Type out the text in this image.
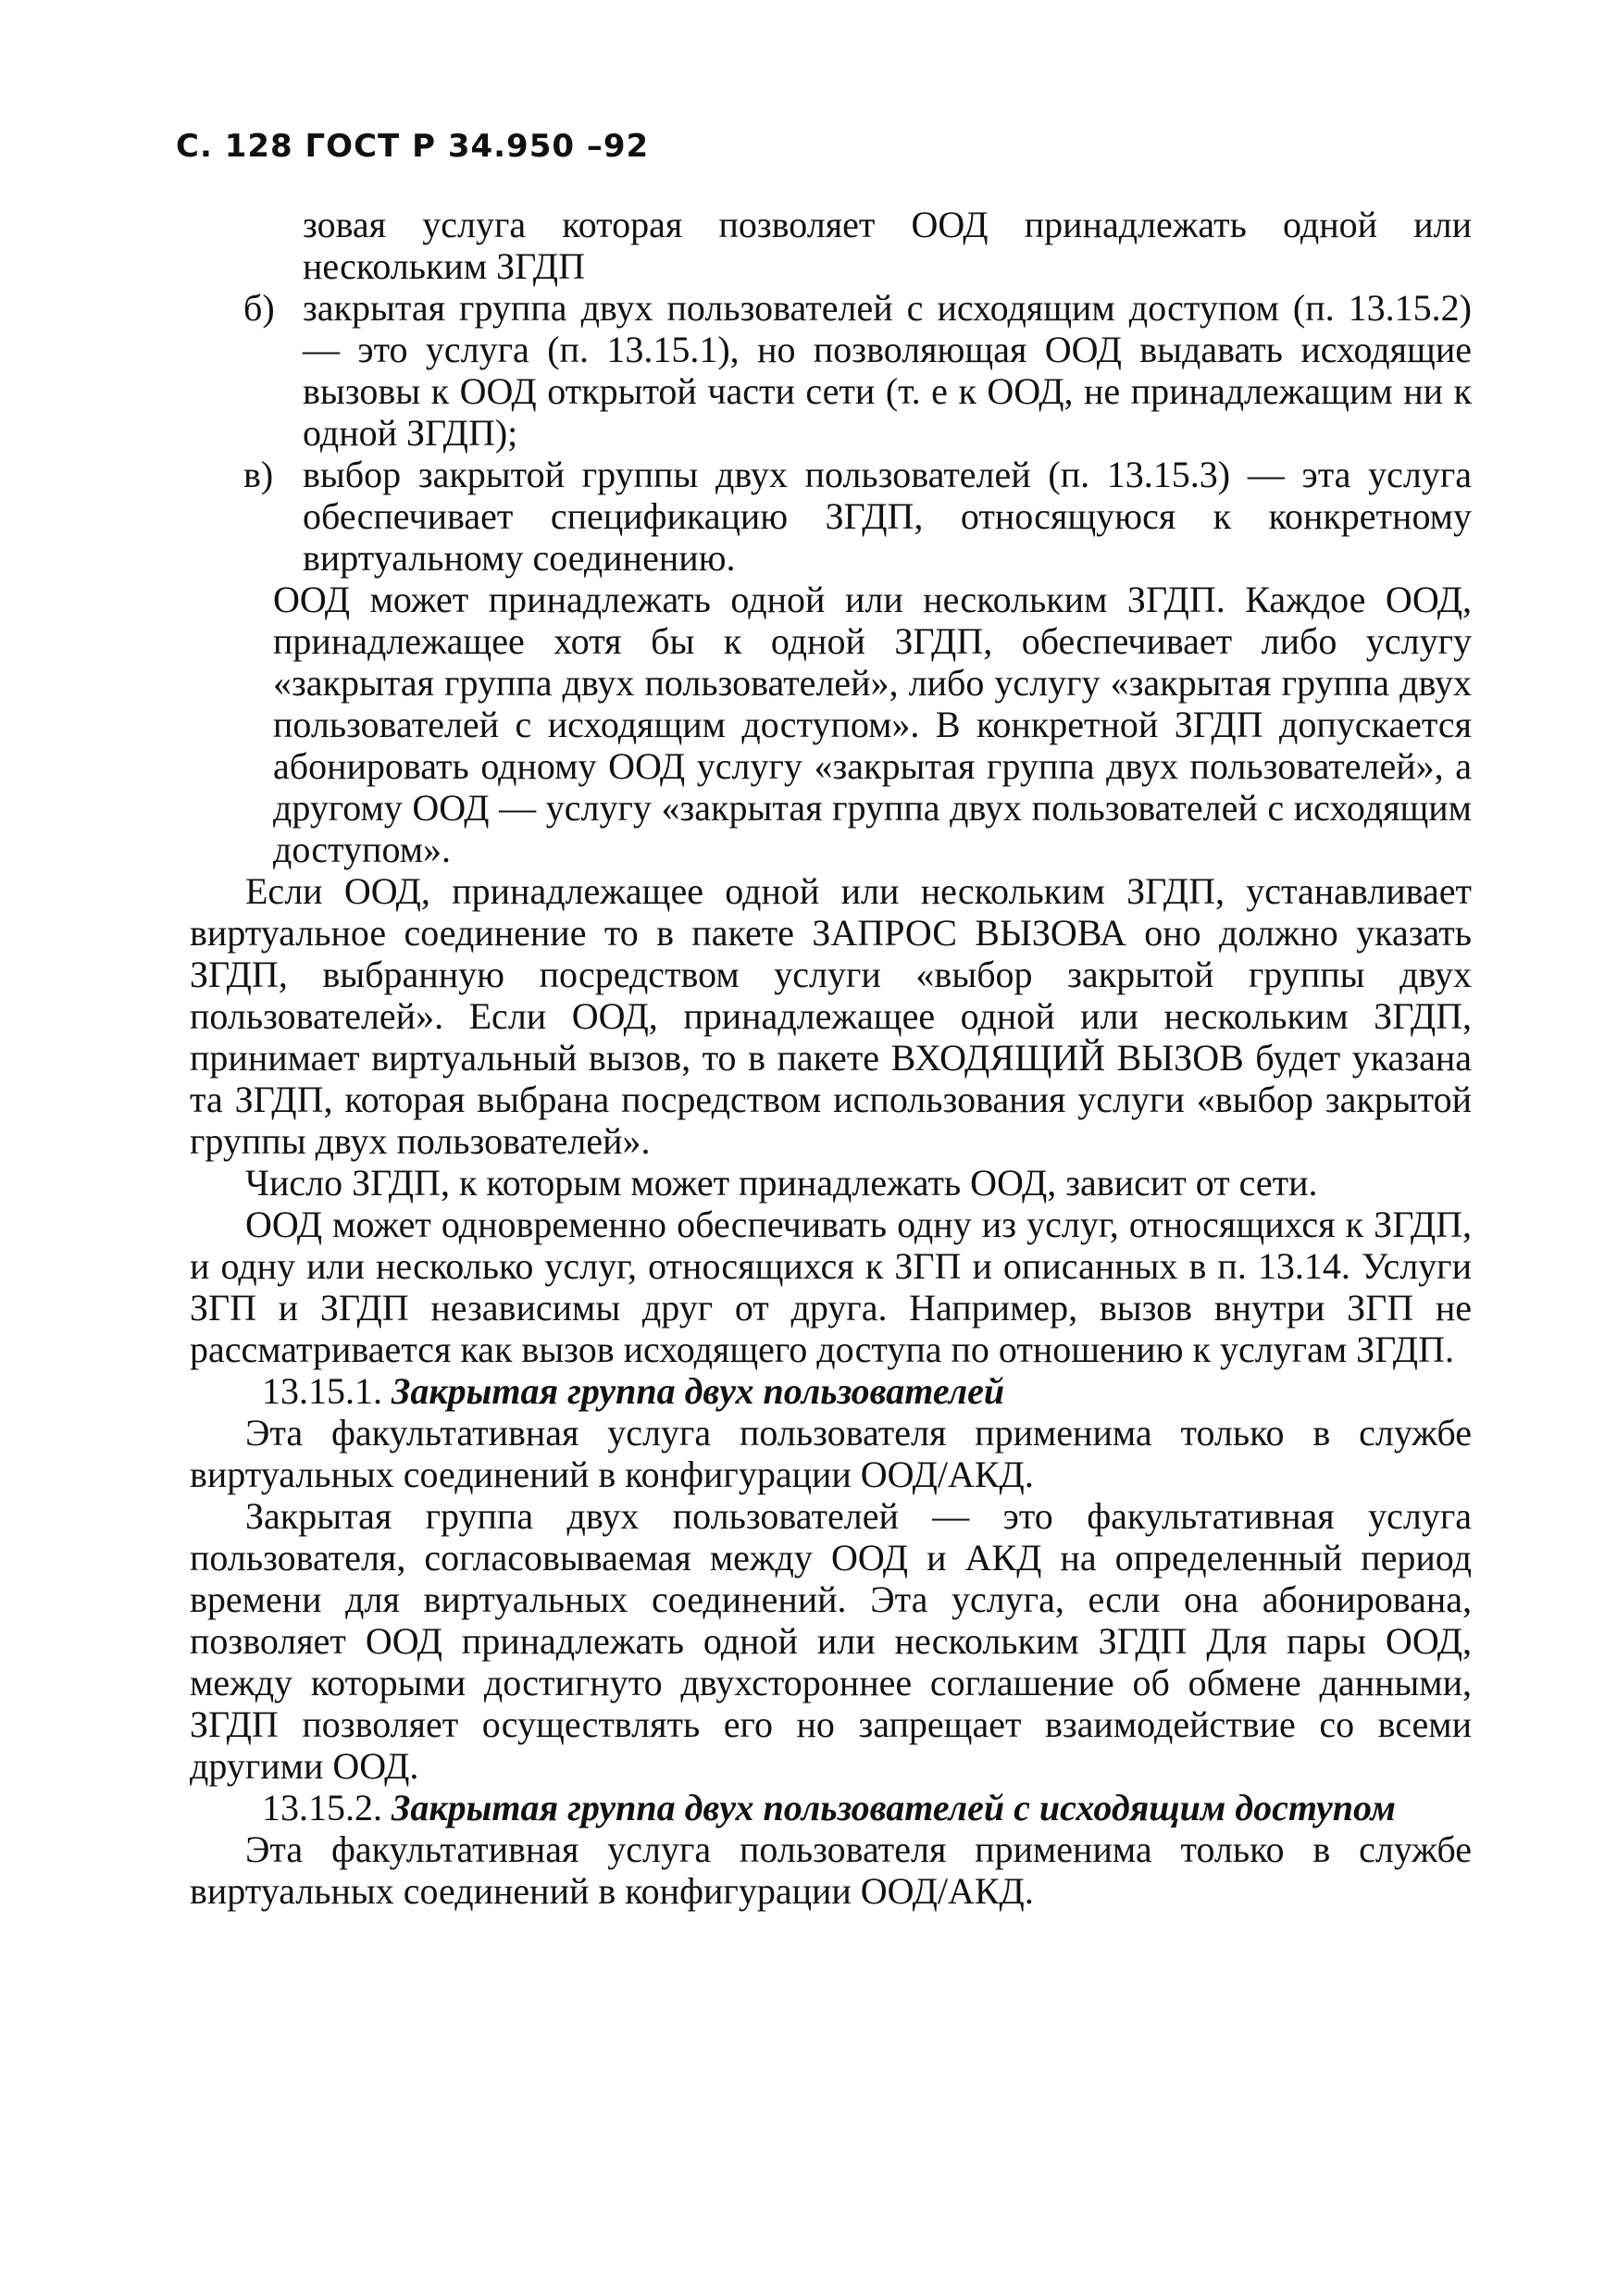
С. 128 ГОСТ Р 34.950 –92

зовая услуга которая позволяет ООД принадлежать одной или нескольким ЗГДП

б) закрытая группа двух пользователей с исходящим доступом (п. 13.15.2) — это услуга (п. 13.15.1), но позволяющая ООД выдавать исходящие вызовы к ООД открытой части сети (т. е к ООД, не принадлежащим ни к одной ЗГДП);

в) выбор закрытой группы двух пользователей (п. 13.15.3) — эта услуга обеспечивает спецификацию ЗГДП, относящуюся к конкретному виртуальному соединению.

ООД может принадлежать одной или нескольким ЗГДП. Каждое ООД, принадлежащее хотя бы к одной ЗГДП, обеспечивает либо услугу «закрытая группа двух пользователей», либо услугу «закрытая группа двух пользователей с исходящим доступом». В конкретной ЗГДП допускается абонировать одному ООД услугу «закрытая группа двух пользователей», а другому ООД — услугу «закрытая группа двух пользователей с исходящим доступом».

Если ООД, принадлежащее одной или нескольким ЗГДП, устанавливает виртуальное соединение то в пакете ЗАПРОС ВЫЗОВА оно должно указать ЗГДП, выбранную посредством услуги «выбор закрытой группы двух пользователей». Если ООД, принадлежащее одной или нескольким ЗГДП, принимает виртуальный вызов, то в пакете ВХОДЯЩИЙ ВЫЗОВ будет указана та ЗГДП, которая выбрана посредством использования услуги «выбор закрытой группы двух пользователей».

Число ЗГДП, к которым может принадлежать ООД, зависит от сети.

ООД может одновременно обеспечивать одну из услуг, относящихся к ЗГДП, и одну или несколько услуг, относящихся к ЗГП и описанных в п. 13.14. Услуги ЗГП и ЗГДП независимы друг от друга. Например, вызов внутри ЗГП не рассматривается как вызов исходящего доступа по отношению к услугам ЗГДП.

13.15.1. Закрытая группа двух пользователей

Эта факультативная услуга пользователя применима только в службе виртуальных соединений в конфигурации ООД/АКД.

Закрытая группа двух пользователей — это факультативная услуга пользователя, согласовываемая между ООД и АКД на определенный период времени для виртуальных соединений. Эта услуга, если она абонирована, позволяет ООД принадлежать одной или нескольким ЗГДП Для пары ООД, между которыми достигнуто двухстороннее соглашение об обмене данными, ЗГДП позволяет осуществлять его но запрещает взаимодействие со всеми другими ООД.

13.15.2. Закрытая группа двух пользователей с исходящим доступом

Эта факультативная услуга пользователя применима только в службе виртуальных соединений в конфигурации ООД/АКД.
